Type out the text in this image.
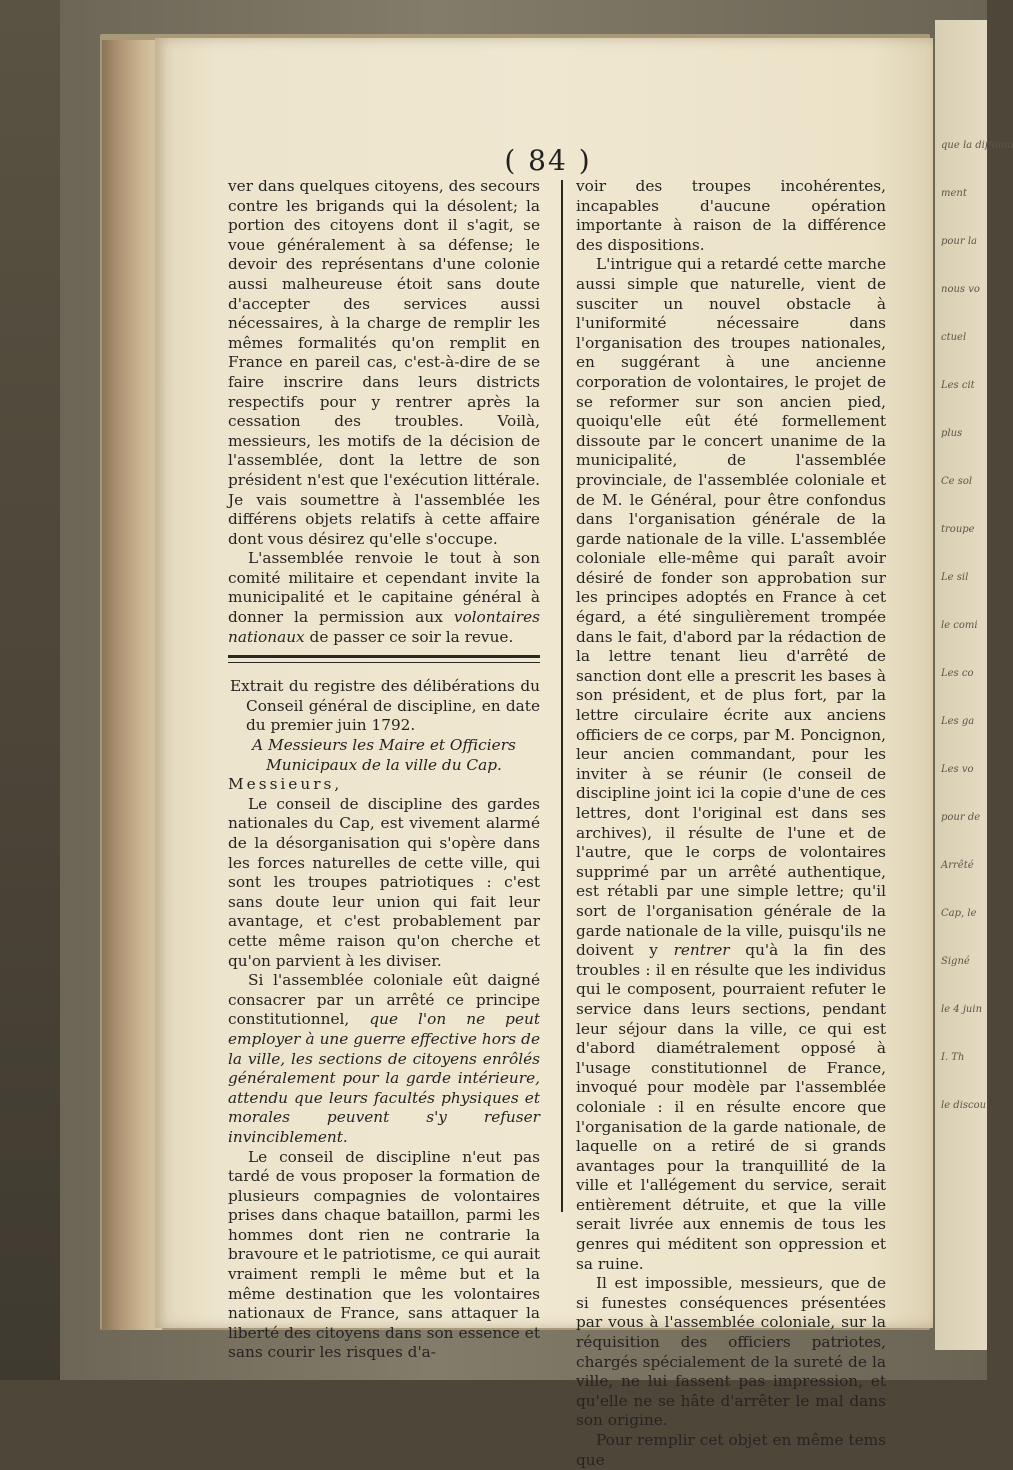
que la diffama
ment
pour la
nous vo
ctuel
Les cit
plus
Ce sol
troupe
Le sil
le comi
Les co
Les ga
Les vo
pour de
Arrêté
Cap, le
Signé
le 4 juin
I. Th
le discou
( 84 )

ver dans quelques citoyens, des secours contre les brigands qui la désolent; la portion des citoyens dont il s'agit, se voue généralement à sa défense; le devoir des représentans d'une colonie aussi malheureuse étoit sans doute d'accepter des services aussi nécessaires, à la charge de remplir les mêmes formalités qu'on remplit en France en pareil cas, c'est-à-dire de se faire inscrire dans leurs districts respectifs pour y rentrer après la cessation des troubles. Voilà, messieurs, les motifs de la décision de l'assemblée, dont la lettre de son président n'est que l'exécution littérale. Je vais soumettre à l'assemblée les différens objets relatifs à cette affaire dont vous désirez qu'elle s'occupe.

L'assemblée renvoie le tout à son comité militaire et cependant invite la municipalité et le capitaine général à donner la permission aux volontaires nationaux de passer ce soir la revue.

Extrait du registre des délibérations du Conseil général de discipline, en date du premier juin 1792.

A Messieurs les Maire et Officiers Municipaux de la ville du Cap.

Messieurs,

Le conseil de discipline des gardes nationales du Cap, est vivement alarmé de la désorganisation qui s'opère dans les forces naturelles de cette ville, qui sont les troupes patriotiques : c'est sans doute leur union qui fait leur avantage, et c'est probablement par cette même raison qu'on cherche et qu'on parvient à les diviser.

Si l'assemblée coloniale eût daigné consacrer par un arrêté ce principe constitutionnel, que l'on ne peut employer à une guerre effective hors de la ville, les sections de citoyens enrôlés généralement pour la garde intérieure, attendu que leurs facultés physiques et morales peuvent s'y refuser invinciblement.

Le conseil de discipline n'eut pas tardé de vous proposer la formation de plusieurs compagnies de volontaires prises dans chaque bataillon, parmi les hommes dont rien ne contrarie la bravoure et le patriotisme, ce qui aurait vraiment rempli le même but et la même destination que les volontaires nationaux de France, sans attaquer la liberté des citoyens dans son essence et sans courir les risques d'a-

voir des troupes incohérentes, incapables d'aucune opération importante à raison de la différence des dispositions.

L'intrigue qui a retardé cette marche aussi simple que naturelle, vient de susciter un nouvel obstacle à l'uniformité nécessaire dans l'organisation des troupes nationales, en suggérant à une ancienne corporation de volontaires, le projet de se reformer sur son ancien pied, quoiqu'elle eût été formellement dissoute par le concert unanime de la municipalité, de l'assemblée provinciale, de l'assemblée coloniale et de M. le Général, pour être confondus dans l'organisation générale de la garde nationale de la ville. L'assemblée coloniale elle-même qui paraît avoir désiré de fonder son approbation sur les principes adoptés en France à cet égard, a été singulièrement trompée dans le fait, d'abord par la rédaction de la lettre tenant lieu d'arrêté de sanction dont elle a prescrit les bases à son président, et de plus fort, par la lettre circulaire écrite aux anciens officiers de ce corps, par M. Poncignon, leur ancien commandant, pour les inviter à se réunir (le conseil de discipline joint ici la copie d'une de ces lettres, dont l'original est dans ses archives), il résulte de l'une et de l'autre, que le corps de volontaires supprimé par un arrêté authentique, est rétabli par une simple lettre; qu'il sort de l'organisation générale de la garde nationale de la ville, puisqu'ils ne doivent y rentrer qu'à la fin des troubles : il en résulte que les individus qui le composent, pourraient refuter le service dans leurs sections, pendant leur séjour dans la ville, ce qui est d'abord diamétralement opposé à l'usage constitutionnel de France, invoqué pour modèle par l'assemblée coloniale : il en résulte encore que l'organisation de la garde nationale, de laquelle on a retiré de si grands avantages pour la tranquillité de la ville et l'allégement du service, serait entièrement détruite, et que la ville serait livrée aux ennemis de tous les genres qui méditent son oppression et sa ruine.

Il est impossible, messieurs, que de si funestes conséquences présentées par vous à l'assemblée coloniale, sur la réquisition des officiers patriotes, chargés spécialement de la sureté de la ville, ne lui fassent pas impression, et qu'elle ne se hâte d'arrêter le mal dans son origine.

Pour remplir cet objet en même tems que
